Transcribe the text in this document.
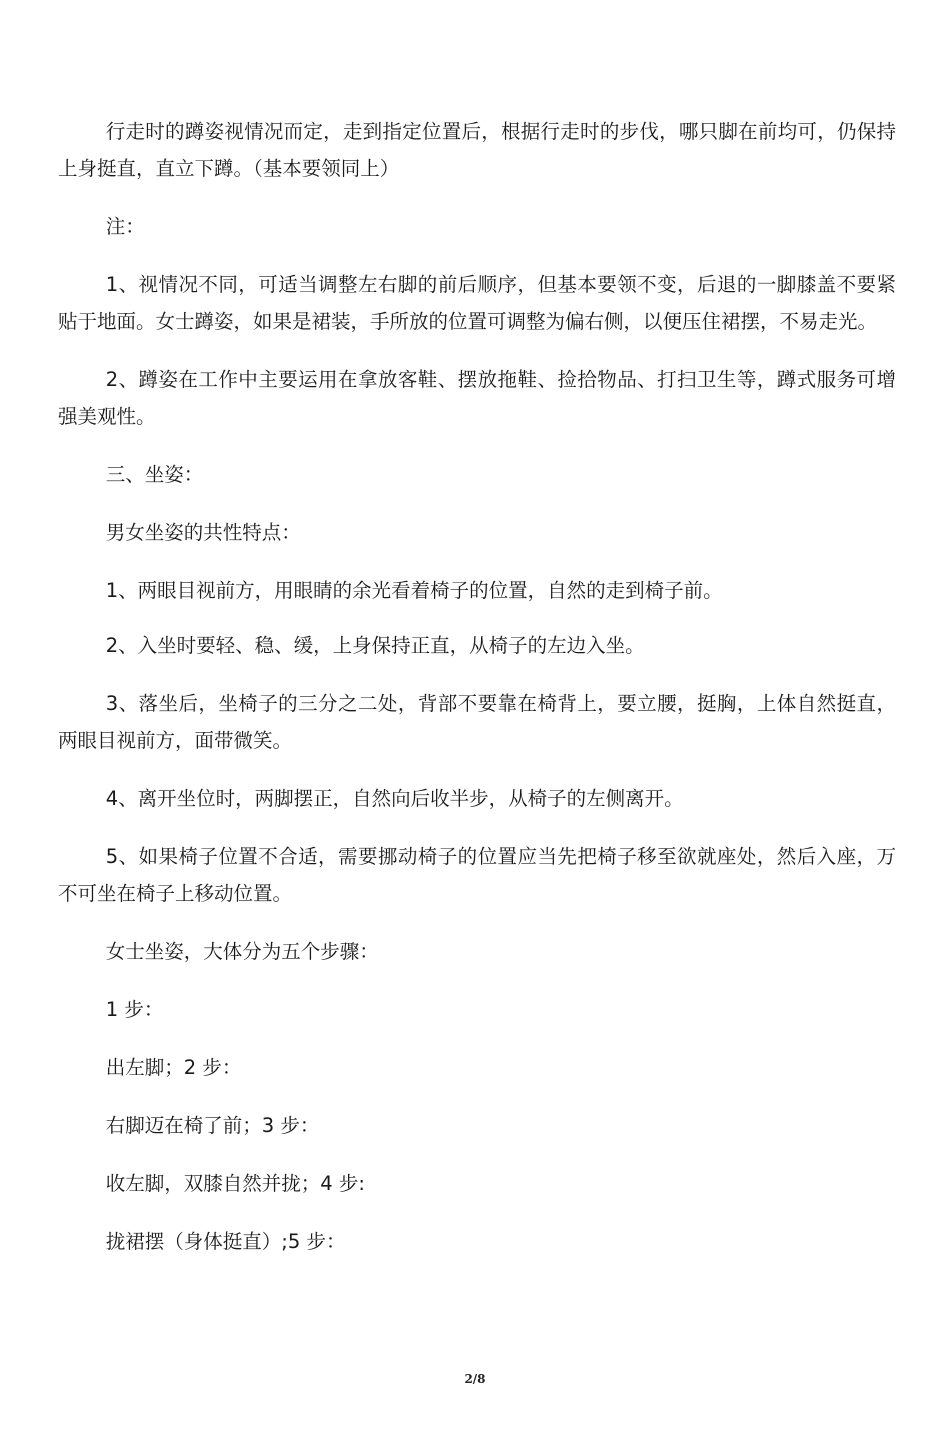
行走时的蹲姿视情况而定，走到指定位置后，根据行走时的步伐，哪只脚在前均可，仍保持上身挺直，直立下蹲。（基本要领同上）

注：

1、视情况不同，可适当调整左右脚的前后顺序，但基本要领不变，后退的一脚膝盖不要紧贴于地面。女士蹲姿，如果是裙装，手所放的位置可调整为偏右侧，以便压住裙摆，不易走光。

2、蹲姿在工作中主要运用在拿放客鞋、摆放拖鞋、捡拾物品、打扫卫生等，蹲式服务可增强美观性。

三、坐姿：

男女坐姿的共性特点：

1、两眼目视前方，用眼睛的余光看着椅子的位置，自然的走到椅子前。

2、入坐时要轻、稳、缓，上身保持正直，从椅子的左边入坐。

3、落坐后，坐椅子的三分之二处，背部不要靠在椅背上，要立腰，挺胸，上体自然挺直，两眼目视前方，面带微笑。

4、离开坐位时，两脚摆正，自然向后收半步，从椅子的左侧离开。

5、如果椅子位置不合适，需要挪动椅子的位置应当先把椅子移至欲就座处，然后入座，万不可坐在椅子上移动位置。

女士坐姿，大体分为五个步骤：

1 步：

出左脚；2 步：

右脚迈在椅了前；3 步：

收左脚，双膝自然并拢；4 步:

拢裙摆（身体挺直）;5 步：

2/8
